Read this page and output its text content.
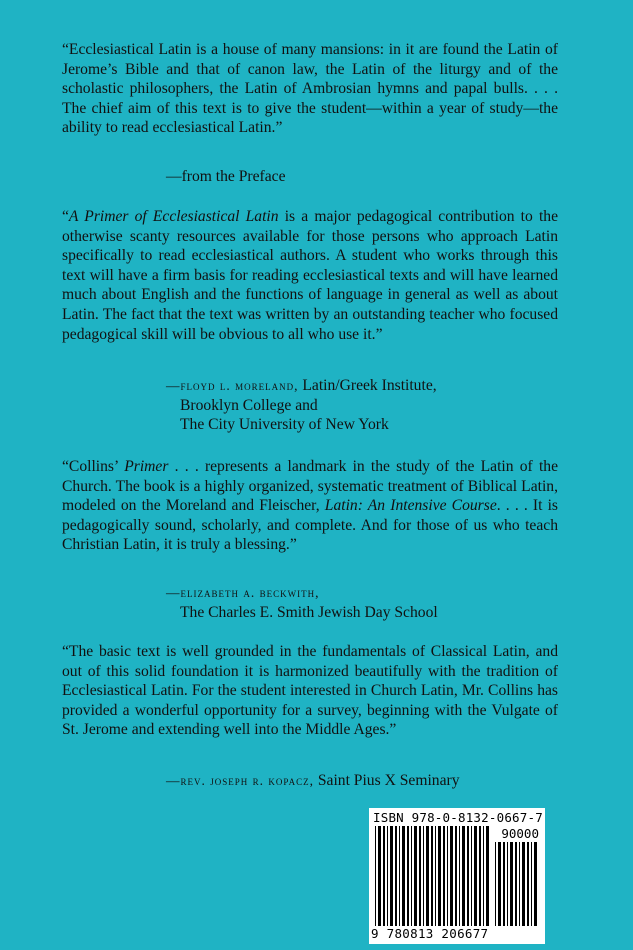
“Ecclesiastical Latin is a house of many mansions: in it are found the Latin of Jerome’s Bible and that of canon law, the Latin of the liturgy and of the scholastic philosophers, the Latin of Ambrosian hymns and papal bulls. . . . The chief aim of this text is to give the student—within a year of study—the ability to read ecclesiastical Latin.”

—from the Preface

“A Primer of Ecclesiastical Latin is a major pedagogical contribution to the otherwise scanty resources available for those persons who approach Latin specifically to read ecclesiastical authors. A student who works through this text will have a firm basis for reading ecclesiastical texts and will have learned much about English and the functions of language in general as well as about Latin. The fact that the text was written by an outstanding teacher who focused pedagogical skill will be obvious to all who use it.”

—floyd l. moreland, Latin/Greek Institute,
Brooklyn College and
The City University of New York

“Collins’ Primer . . . represents a landmark in the study of the Latin of the Church. The book is a highly organized, systematic treatment of Biblical Latin, modeled on the Moreland and Fleischer, Latin: An Intensive Course. . . . It is pedagogically sound, scholarly, and complete. And for those of us who teach Christian Latin, it is truly a blessing.”

—elizabeth a. beckwith,
The Charles E. Smith Jewish Day School

“The basic text is well grounded in the fundamentals of Classical Latin, and out of this solid foundation it is harmonized beautifully with the tradition of Ecclesiastical Latin. For the student interested in Church Latin, Mr. Collins has provided a wonderful opportunity for a survey, beginning with the Vulgate of St. Jerome and extending well into the Middle Ages.”

—rev. joseph r. kopacz, Saint Pius X Seminary

ISBN 978-0-8132-0667-7
90000
9 780813 206677
